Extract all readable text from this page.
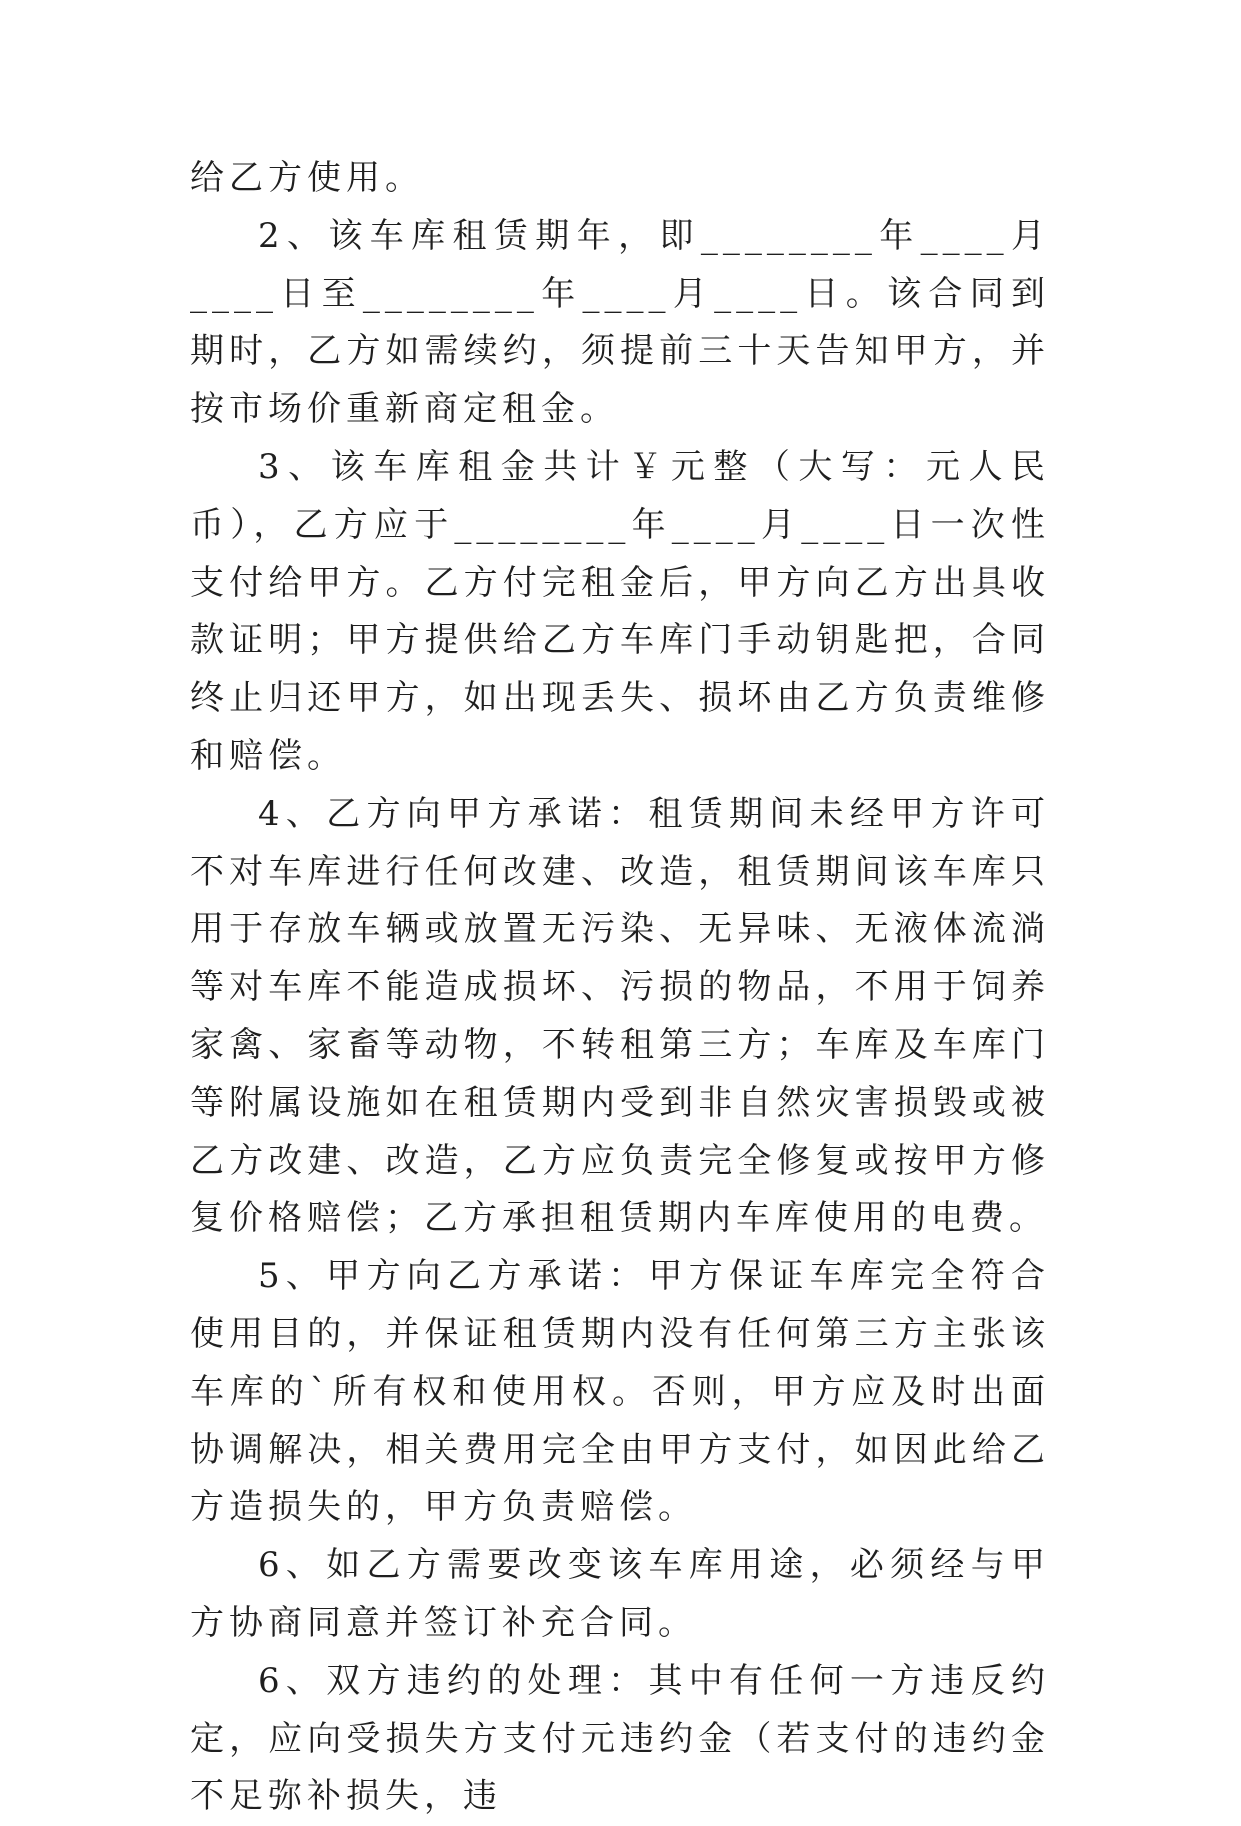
给乙方使用。

2、该车库租赁期年，即________年____月____日至________年____月____日。该合同到期时，乙方如需续约，须提前三十天告知甲方，并按市场价重新商定租金。

3、该车库租金共计￥元整（大写：元人民币），乙方应于________年____月____日一次性支付给甲方。乙方付完租金后，甲方向乙方出具收款证明；甲方提供给乙方车库门手动钥匙把，合同终止归还甲方，如出现丢失、损坏由乙方负责维修和赔偿。

4、乙方向甲方承诺：租赁期间未经甲方许可不对车库进行任何改建、改造，租赁期间该车库只用于存放车辆或放置无污染、无异味、无液体流淌等对车库不能造成损坏、污损的物品，不用于饲养家禽、家畜等动物，不转租第三方；车库及车库门等附属设施如在租赁期内受到非自然灾害损毁或被乙方改建、改造，乙方应负责完全修复或按甲方修复价格赔偿；乙方承担租赁期内车库使用的电费。

5、甲方向乙方承诺：甲方保证车库完全符合使用目的，并保证租赁期内没有任何第三方主张该车库的`所有权和使用权。否则，甲方应及时出面协调解决，相关费用完全由甲方支付，如因此给乙方造损失的，甲方负责赔偿。

6、如乙方需要改变该车库用途，必须经与甲方协商同意并签订补充合同。

6、双方违约的处理：其中有任何一方违反约定，应向受损失方支付元违约金（若支付的违约金不足弥补损失，违
